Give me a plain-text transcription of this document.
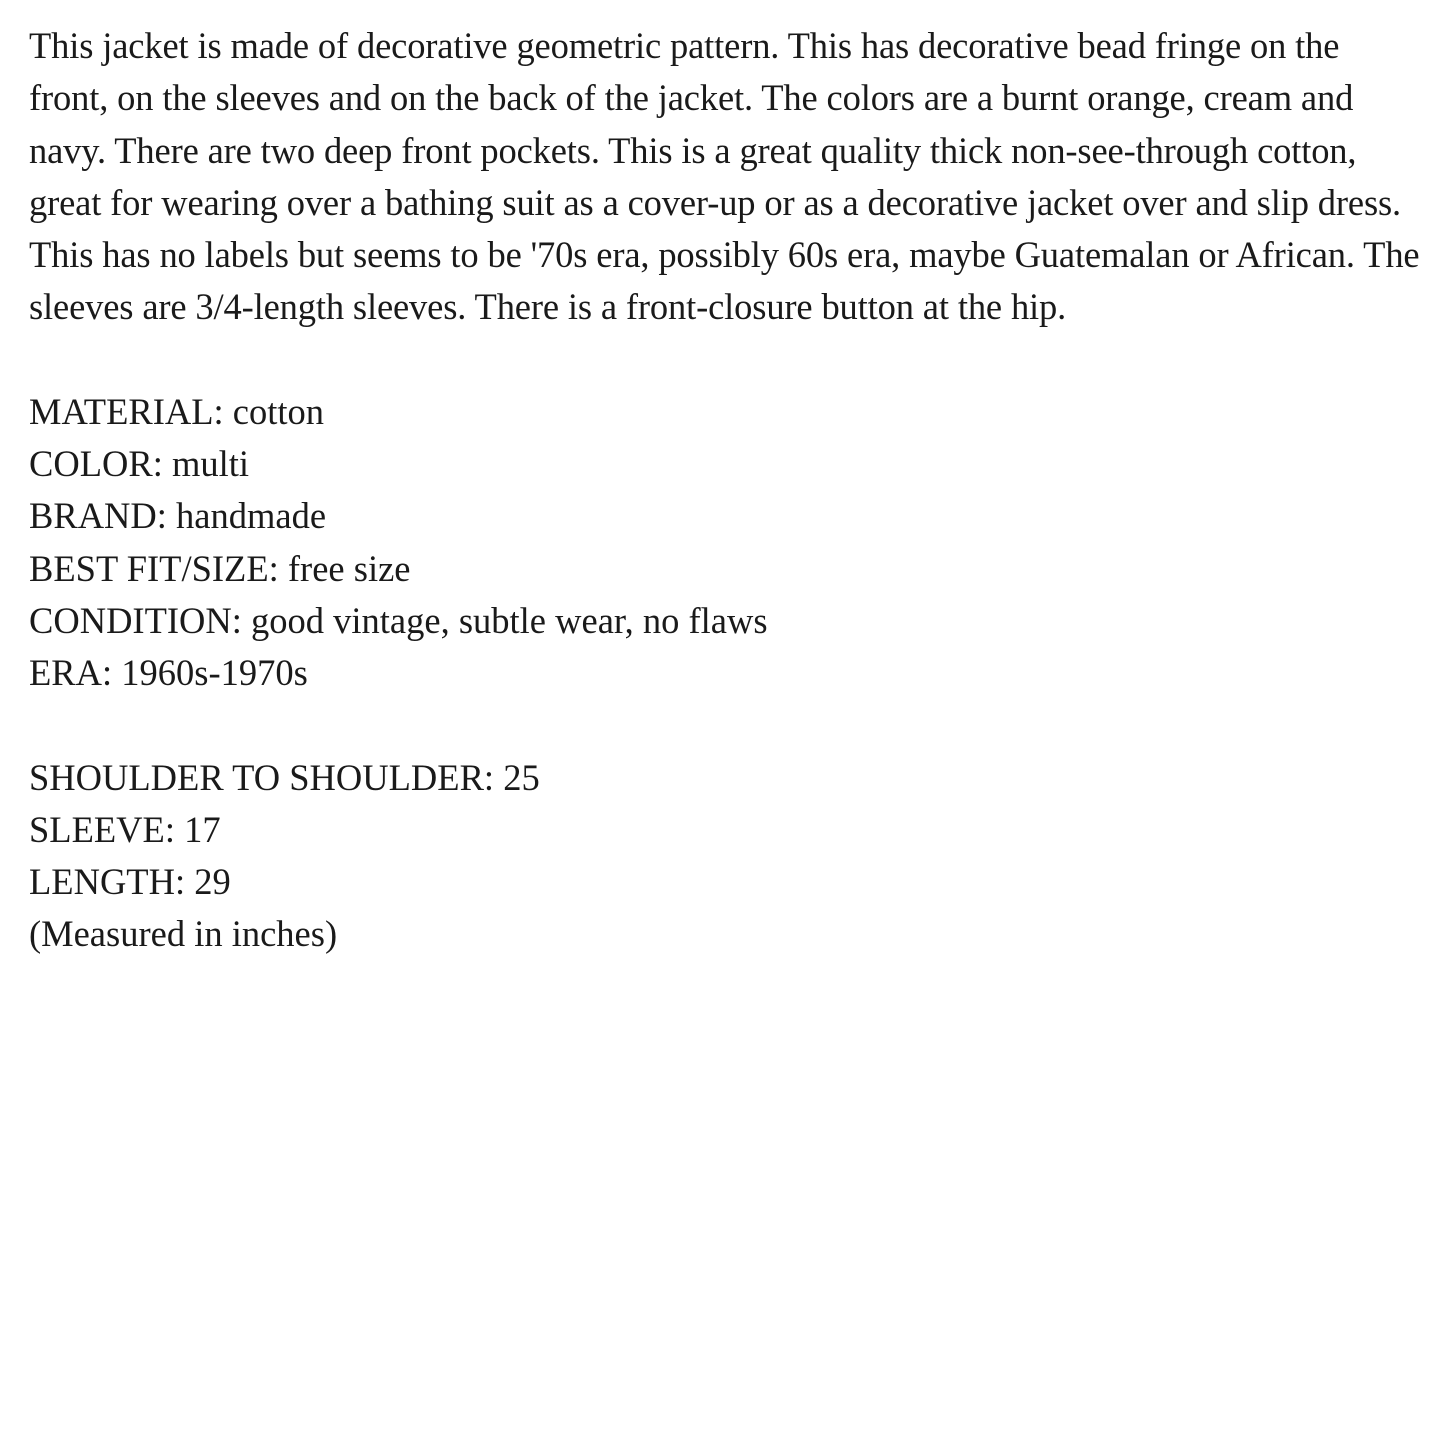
This jacket is made of decorative geometric pattern. This has decorative bead fringe on the front, on the sleeves and on the back of the jacket. The colors are a burnt orange, cream and navy. There are two deep front pockets. This is a great quality thick non-see-through cotton, great for wearing over a bathing suit as a cover-up or as a decorative jacket over and slip dress. This has no labels but seems to be '70s era, possibly 60s era, maybe Guatemalan or African. The sleeves are 3/4-length sleeves. There is a front-closure button at the hip.

MATERIAL: cotton
COLOR: multi
BRAND: handmade
BEST FIT/SIZE: free size
CONDITION: good vintage, subtle wear, no flaws
ERA: 1960s-1970s
SHOULDER TO SHOULDER: 25
SLEEVE: 17
LENGTH: 29
(Measured in inches)
